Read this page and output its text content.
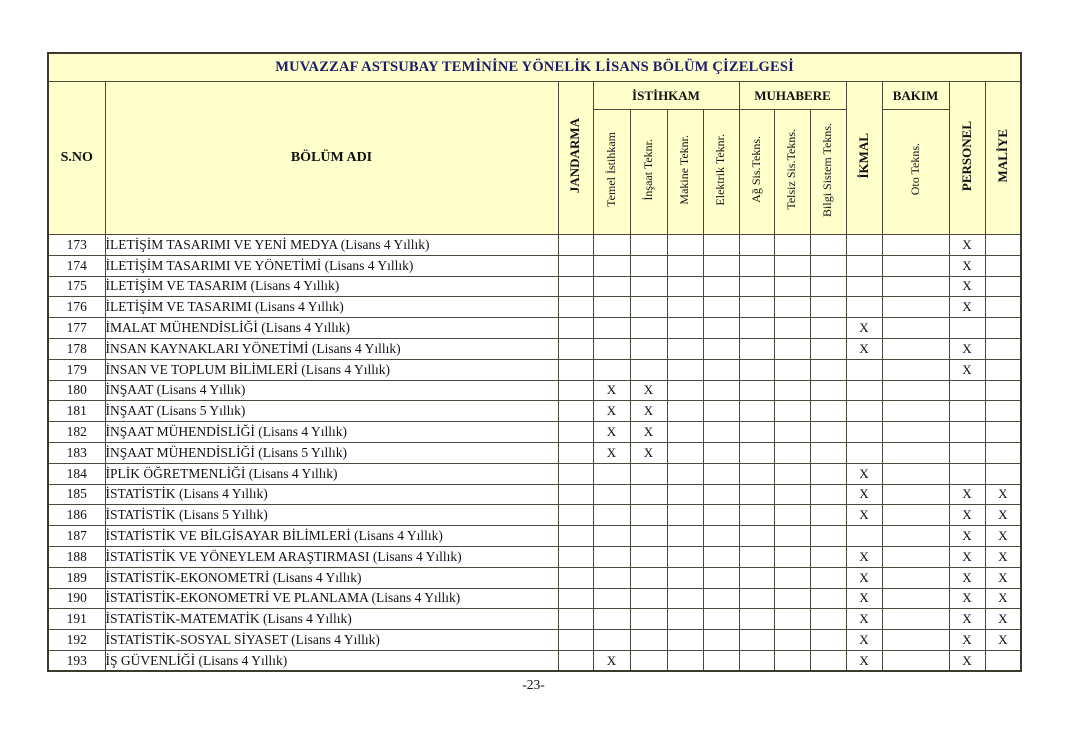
MUVAZZAF ASTSUBAY TEMİNİNE YÖNELİK LİSANS BÖLÜM ÇİZELGESİ													
S.NO	BÖLÜM ADI	JANDARMA	İSTİHKAM				MUHABERE			İKMAL	BAKIM	PERSONEL	MALİYE
			Temel İstihkam	İnşaat Teknr.	Makine Teknr.	Elektrik Teknr.	Ağ Sis.Tekns.	Telsiz Sis.Tekns.	Bilgi Sistem Tekns.		Oto Tekns.		
173	İLETİŞİM TASARIMI VE YENİ MEDYA (Lisans 4 Yıllık)											X	
174	İLETİŞİM TASARIMI VE YÖNETİMİ (Lisans 4 Yıllık)											X	
175	İLETİŞİM VE TASARIM (Lisans 4 Yıllık)											X	
176	İLETİŞİM VE TASARIMI (Lisans 4 Yıllık)											X	
177	İMALAT MÜHENDİSLİĞİ (Lisans 4 Yıllık)									X			
178	İNSAN KAYNAKLARI YÖNETİMİ (Lisans 4 Yıllık)									X		X	
179	İNSAN VE TOPLUM BİLİMLERİ (Lisans 4 Yıllık)											X	
180	İNŞAAT (Lisans 4 Yıllık)		X	X									
181	İNŞAAT (Lisans 5 Yıllık)		X	X									
182	İNŞAAT MÜHENDİSLİĞİ (Lisans 4 Yıllık)		X	X									
183	İNŞAAT MÜHENDİSLİĞİ (Lisans 5 Yıllık)		X	X									
184	İPLİK ÖĞRETMENLİĞİ (Lisans 4 Yıllık)									X			
185	İSTATİSTİK (Lisans 4 Yıllık)									X		X	X
186	İSTATİSTİK (Lisans 5 Yıllık)									X		X	X
187	İSTATİSTİK VE BİLGİSAYAR BİLİMLERİ (Lisans 4 Yıllık)											X	X
188	İSTATİSTİK VE YÖNEYLEM ARAŞTIRMASI (Lisans 4 Yıllık)									X		X	X
189	İSTATİSTİK-EKONOMETRİ (Lisans 4 Yıllık)									X		X	X
190	İSTATİSTİK-EKONOMETRİ VE PLANLAMA (Lisans 4 Yıllık)									X		X	X
191	İSTATİSTİK-MATEMATİK (Lisans 4 Yıllık)									X		X	X
192	İSTATİSTİK-SOSYAL SİYASET (Lisans 4 Yıllık)									X		X	X
193	İŞ GÜVENLİĞİ (Lisans 4 Yıllık)		X							X		X	
-23-
